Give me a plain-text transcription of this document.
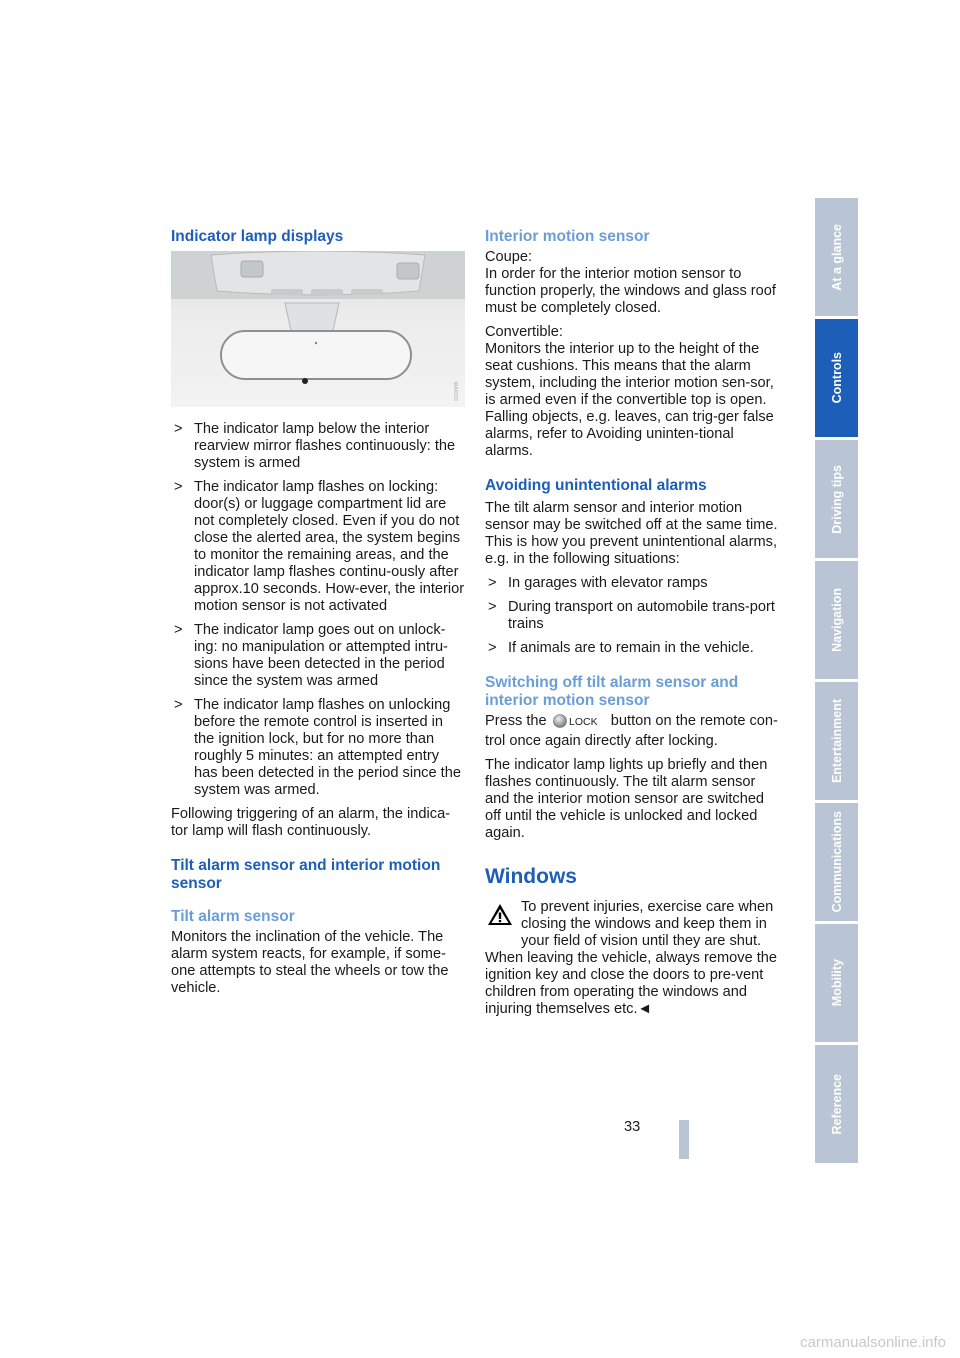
Indicator lamp displays
MA0030
> The indicator lamp below the interior rearview mirror flashes continuously: the system is armed
> The indicator lamp flashes on locking: door(s) or luggage compartment lid are not completely closed. Even if you do not close the alerted area, the system begins to monitor the remaining areas, and the indicator lamp flashes continu-ously after approx.10 seconds. How-ever, the interior motion sensor is not activated
> The indicator lamp goes out on unlock-ing: no manipulation or attempted intru-sions have been detected in the period since the system was armed
> The indicator lamp flashes on unlocking before the remote control is inserted in the ignition lock, but for no more than roughly 5 minutes: an attempted entry has been detected in the period since the system was armed.

Following triggering of an alarm, the indica-tor lamp will flash continuously.

Tilt alarm sensor and interior motion sensor
Tilt alarm sensor

Monitors the inclination of the vehicle. The alarm system reacts, for example, if some-one attempts to steal the wheels or tow the vehicle.

Interior motion sensor

Coupe:
In order for the interior motion sensor to function properly, the windows and glass roof must be completely closed.

Convertible:
Monitors the interior up to the height of the seat cushions. This means that the alarm system, including the interior motion sen-sor, is armed even if the convertible top is open. Falling objects, e.g. leaves, can trig-ger false alarms, refer to Avoiding uninten-tional alarms.

Avoiding unintentional alarms

The tilt alarm sensor and interior motion sensor may be switched off at the same time. This is how you prevent unintentional alarms, e.g. in the following situations:

> In garages with elevator ramps
> During transport on automobile trans-port trains
> If animals are to remain in the vehicle.
Switching off tilt alarm sensor and interior motion sensor

Press the LOCK button on the remote con-trol once again directly after locking.

The indicator lamp lights up briefly and then flashes continuously. The tilt alarm sensor and the interior motion sensor are switched off until the vehicle is unlocked and locked again.

Windows
To prevent injuries, exercise care when closing the windows and keep them in your field of vision until they are shut.

When leaving the vehicle, always remove the ignition key and close the doors to pre-vent children from operating the windows and injuring themselves etc.◄

At a glance
Controls
Driving tips
Navigation
Entertainment
Communications
Mobility
Reference
33
carmanualsonline.info
